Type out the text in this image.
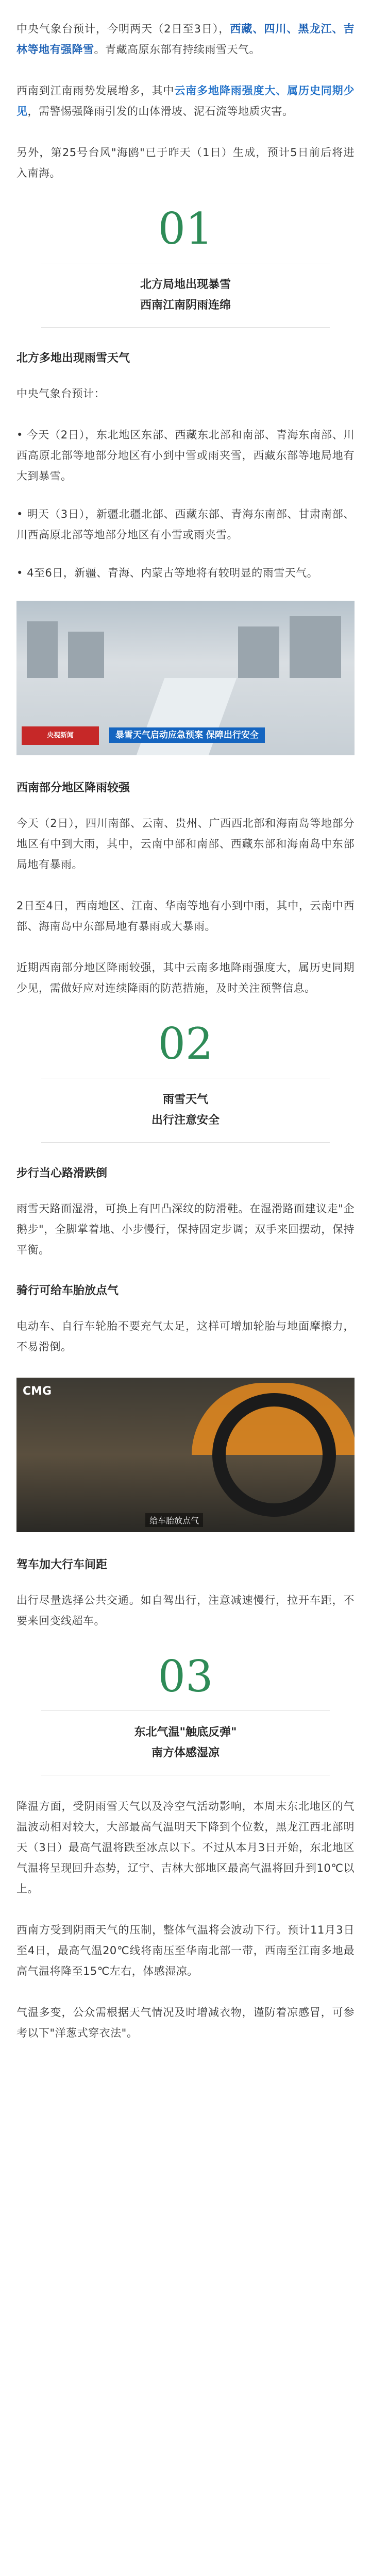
中央气象台预计，今明两天（2日至3日），西藏、四川、黑龙江、吉林等地有强降雪。青藏高原东部有持续雨雪天气。

西南到江南雨势发展增多，其中云南多地降雨强度大、属历史同期少见，需警惕强降雨引发的山体滑坡、泥石流等地质灾害。

另外，第25号台风"海鸥"已于昨天（1日）生成，预计5日前后将进入南海。

01
北方局地出现暴雪
西南江南阴雨连绵
北方多地出现雨雪天气

中央气象台预计：

• 今天（2日），东北地区东部、西藏东北部和南部、青海东南部、川西高原北部等地部分地区有小到中雪或雨夹雪，西藏东部等地局地有大到暴雪。

• 明天（3日），新疆北疆北部、西藏东部、青海东南部、甘肃南部、川西高原北部等地部分地区有小雪或雨夹雪。

• 4至6日，新疆、青海、内蒙古等地将有较明显的雨雪天气。

央视新闻	暴雪天气启动应急预案 保障出行安全
西南部分地区降雨较强

今天（2日），四川南部、云南、贵州、广西西北部和海南岛等地部分地区有中到大雨，其中，云南中部和南部、西藏东部和海南岛中东部局地有暴雨。

2日至4日，西南地区、江南、华南等地有小到中雨，其中，云南中西部、海南岛中东部局地有暴雨或大暴雨。

近期西南部分地区降雨较强，其中云南多地降雨强度大，属历史同期少见，需做好应对连续降雨的防范措施，及时关注预警信息。

02
雨雪天气
出行注意安全
步行当心路滑跌倒

雨雪天路面湿滑，可换上有凹凸深纹的防滑鞋。在湿滑路面建议走"企鹅步"，全脚掌着地、小步慢行，保持固定步调；双手来回摆动，保持平衡。

骑行可给车胎放点气

电动车、自行车轮胎不要充气太足，这样可增加轮胎与地面摩擦力，不易滑倒。

CMG
给车胎放点气
驾车加大行车间距

出行尽量选择公共交通。如自驾出行，注意减速慢行，拉开车距，不要来回变线超车。

03
东北气温"触底反弹"
南方体感湿凉

降温方面，受阴雨雪天气以及冷空气活动影响，本周末东北地区的气温波动相对较大，大部最高气温明天下降到个位数，黑龙江西北部明天（3日）最高气温将跌至冰点以下。不过从本月3日开始，东北地区气温将呈现回升态势，辽宁、吉林大部地区最高气温将回升到10℃以上。

西南方受到阴雨天气的压制，整体气温将会波动下行。预计11月3日至4日，最高气温20℃线将南压至华南北部一带，西南至江南多地最高气温将降至15℃左右，体感湿凉。

气温多变，公众需根据天气情况及时增减衣物，谨防着凉感冒，可参考以下"洋葱式穿衣法"。
